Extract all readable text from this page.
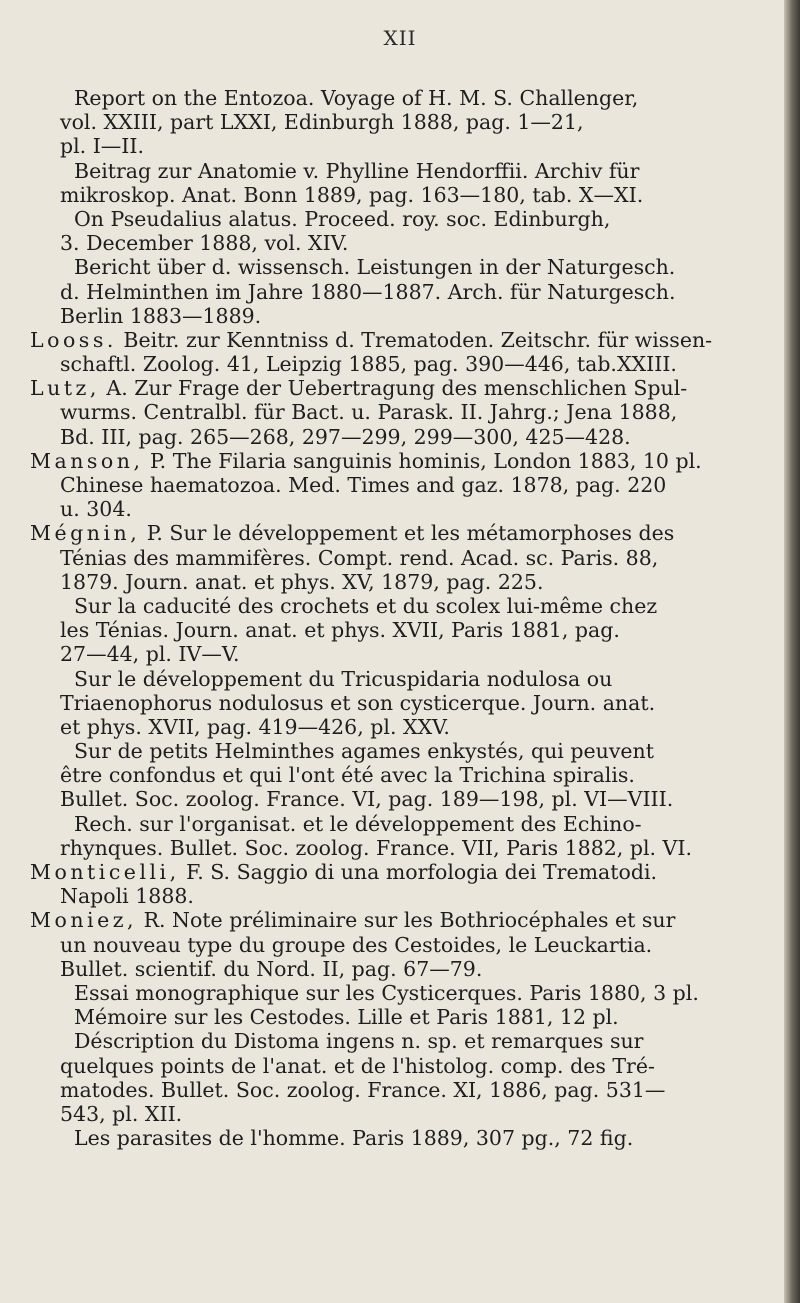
XII
Report on the Entozoa. Voyage of H. M. S. Challenger,
vol. XXIII, part LXXI, Edinburgh 1888, pag. 1—21,
pl. I—II.
Beitrag zur Anatomie v. Phylline Hendorffii. Archiv für
mikroskop. Anat. Bonn 1889, pag. 163—180, tab. X—XI.
On Pseudalius alatus. Proceed. roy. soc. Edinburgh,
3. December 1888, vol. XIV.
Bericht über d. wissensch. Leistungen in der Naturgesch.
d. Helminthen im Jahre 1880—1887. Arch. für Naturgesch.
Berlin 1883—1889.
Looss. Beitr. zur Kenntniss d. Trematoden. Zeitschr. für wissen-
schaftl. Zoolog. 41, Leipzig 1885, pag. 390—446, tab.XXIII.
Lutz, A. Zur Frage der Uebertragung des menschlichen Spul-
wurms. Centralbl. für Bact. u. Parask. II. Jahrg.; Jena 1888,
Bd. III, pag. 265—268, 297—299, 299—300, 425—428.
Manson, P. The Filaria sanguinis hominis, London 1883, 10 pl.
Chinese haematozoa. Med. Times and gaz. 1878, pag. 220
u. 304.
Mégnin, P. Sur le développement et les métamorphoses des
Ténias des mammifères. Compt. rend. Acad. sc. Paris. 88,
1879. Journ. anat. et phys. XV, 1879, pag. 225.
Sur la caducité des crochets et du scolex lui-même chez
les Ténias. Journ. anat. et phys. XVII, Paris 1881, pag.
27—44, pl. IV—V.
Sur le développement du Tricuspidaria nodulosa ou
Triaenophorus nodulosus et son cysticerque. Journ. anat.
et phys. XVII, pag. 419—426, pl. XXV.
Sur de petits Helminthes agames enkystés, qui peuvent
être confondus et qui l'ont été avec la Trichina spiralis.
Bullet. Soc. zoolog. France. VI, pag. 189—198, pl. VI—VIII.
Rech. sur l'organisat. et le développement des Echino-
rhynques. Bullet. Soc. zoolog. France. VII, Paris 1882, pl. VI.
Monticelli, F. S. Saggio di una morfologia dei Trematodi.
Napoli 1888.
Moniez, R. Note préliminaire sur les Bothriocéphales et sur
un nouveau type du groupe des Cestoides, le Leuckartia.
Bullet. scientif. du Nord. II, pag. 67—79.
Essai monographique sur les Cysticerques. Paris 1880, 3 pl.
Mémoire sur les Cestodes. Lille et Paris 1881, 12 pl.
Déscription du Distoma ingens n. sp. et remarques sur
quelques points de l'anat. et de l'histolog. comp. des Tré-
matodes. Bullet. Soc. zoolog. France. XI, 1886, pag. 531—
543, pl. XII.
Les parasites de l'homme. Paris 1889, 307 pg., 72 fig.
